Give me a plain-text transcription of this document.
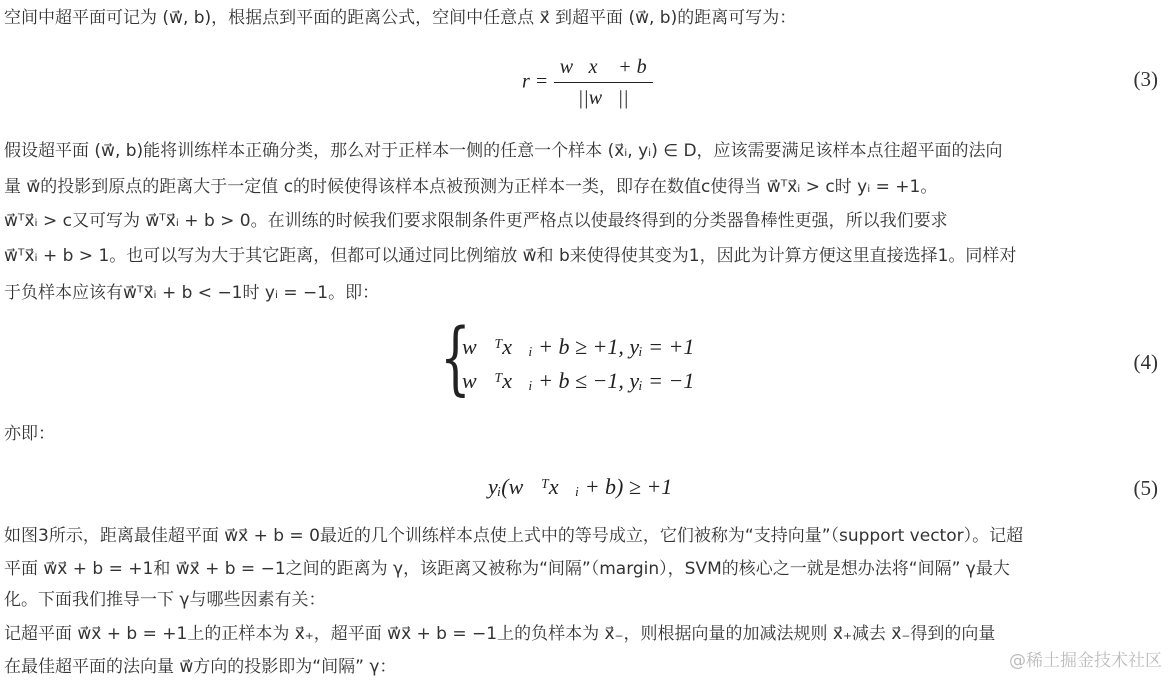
空间中超平面可记为 (w⃗, b)，根据点到平面的距离公式，空间中任意点 x⃗ 到超平面 (w⃗, b)的距离可写为：

$r = \frac{w⃗x⃗ + b}{||w⃗||}$	(3)

假设超平面 (w⃗, b)能将训练样本正确分类，那么对于正样本一侧的任意一个样本 (x⃗ᵢ, yᵢ) ∈ D，应该需要满足该样本点往超平面的法向

量 w⃗的投影到原点的距离大于一定值 c的时候使得该样本点被预测为正样本一类，即存在数值c使得当 w⃗ᵀx⃗ᵢ > c时 yᵢ = +1。

w⃗ᵀx⃗ᵢ > c又可写为 w⃗ᵀx⃗ᵢ + b > 0。在训练的时候我们要求限制条件更严格点以使最终得到的分类器鲁棒性更强，所以我们要求

w⃗ᵀx⃗ᵢ + b > 1。也可以写为大于其它距离，但都可以通过同比例缩放 w⃗和 b来使得使其变为1，因此为计算方便这里直接选择1。同样对

于负样本应该有w⃗ᵀx⃗ᵢ + b < −1时 yᵢ = −1。即：

{
w⃗ᵀx⃗ᵢ + b ≥ +1, yᵢ = +1
w⃗ᵀx⃗ᵢ + b ≤ −1, yᵢ = −1
(4)

亦即：

yᵢ(w⃗ᵀx⃗ᵢ + b) ≥ +1	(5)

如图3所示，距离最佳超平面 w⃗x⃗ + b = 0最近的几个训练样本点使上式中的等号成立，它们被称为“支持向量”（support vector）。记超

平面 w⃗x⃗ + b = +1和 w⃗x⃗ + b = −1之间的距离为 γ，该距离又被称为“间隔”（margin），SVM的核心之一就是想办法将“间隔” γ最大

化。下面我们推导一下 γ与哪些因素有关：

记超平面 w⃗x⃗ + b = +1上的正样本为 x⃗₊，超平面 w⃗x⃗ + b = −1上的负样本为 x⃗₋，则根据向量的加减法规则 x⃗₊减去 x⃗₋得到的向量

在最佳超平面的法向量 w⃗方向的投影即为“间隔” γ：	@稀土掘金技术社区
